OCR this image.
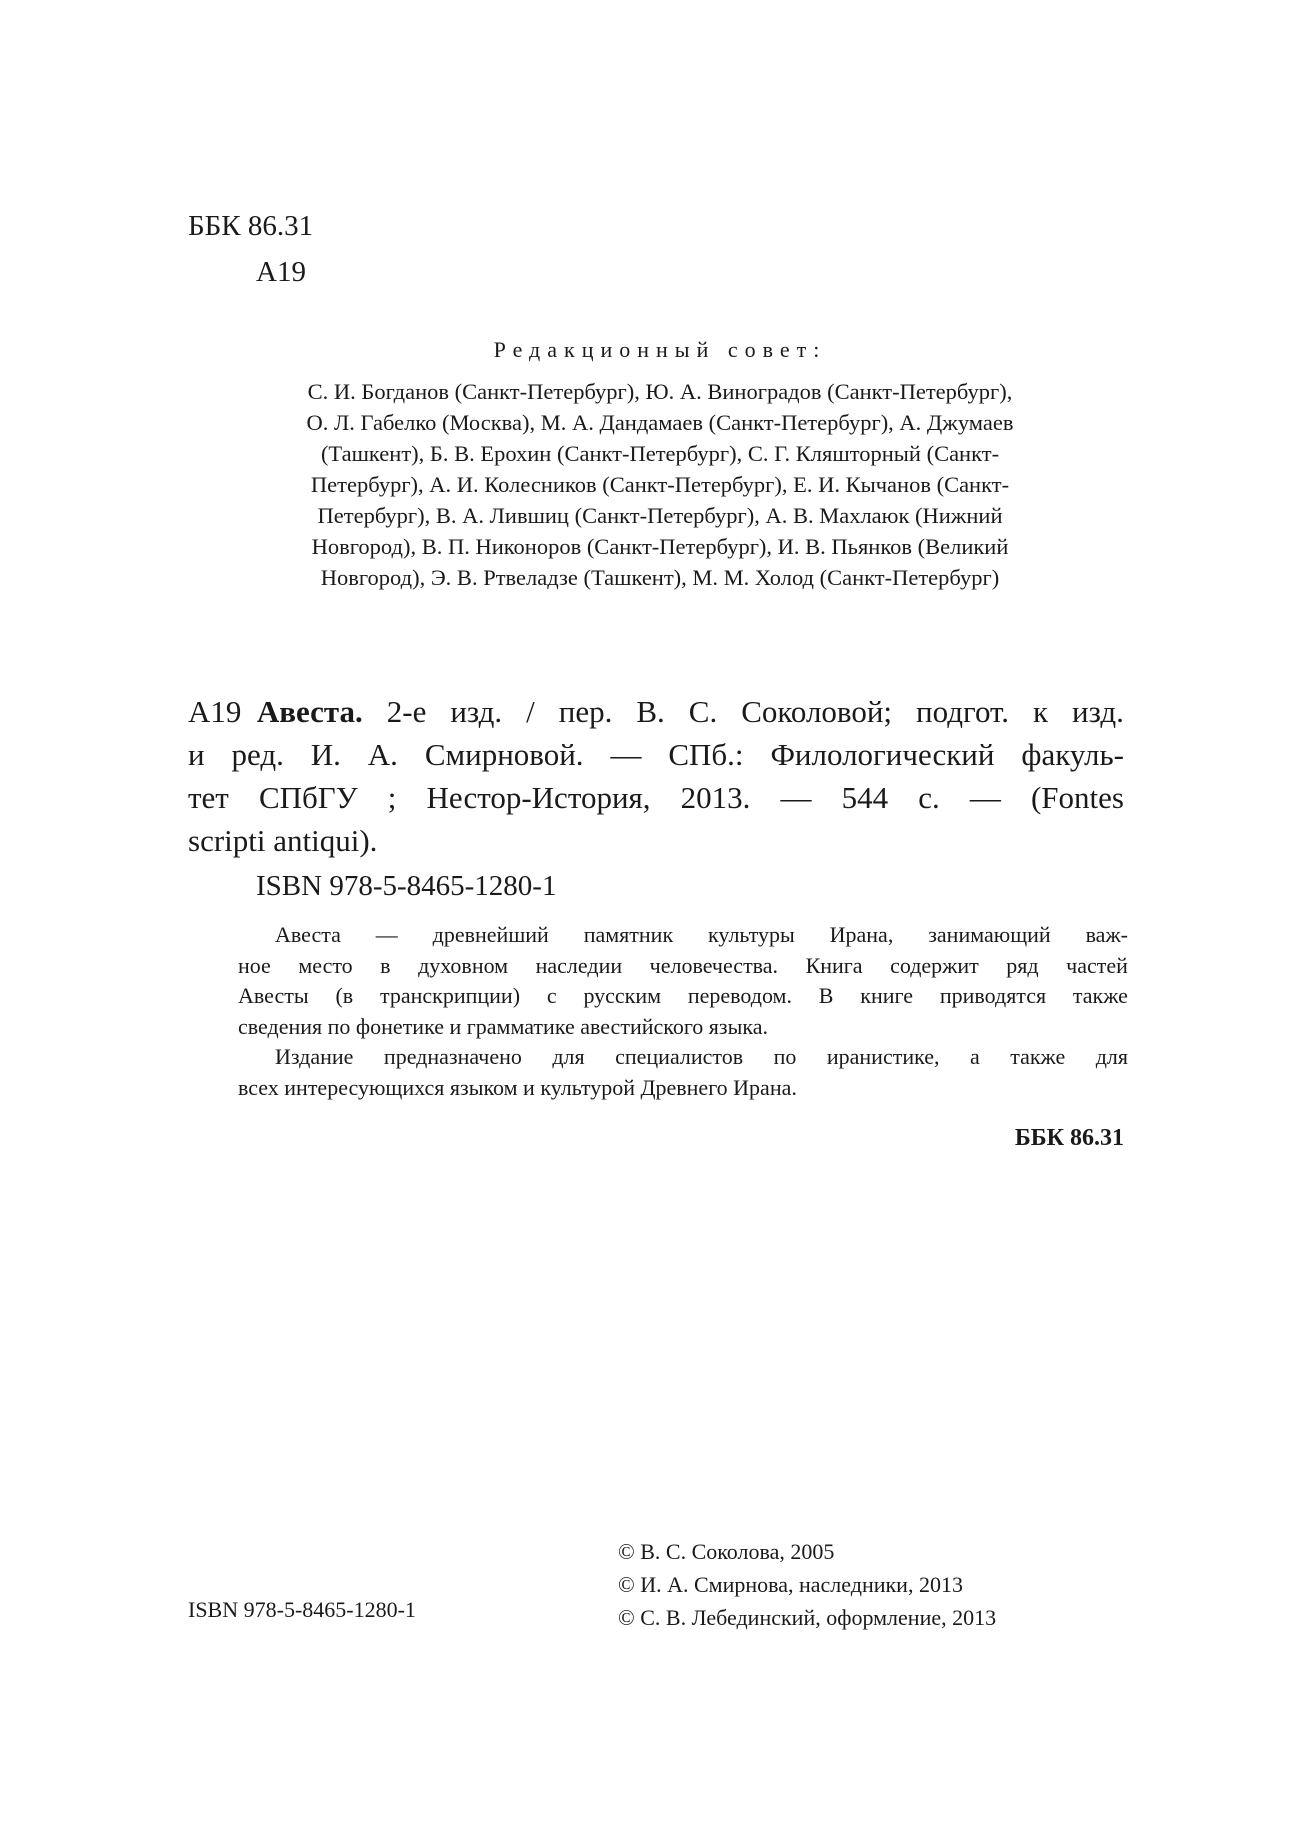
ББК 86.31
А19
Редакционный совет:
С. И. Богданов (Санкт-Петербург), Ю. А. Виноградов (Санкт-Петербург),
О. Л. Габелко (Москва), М. А. Дандамаев (Санкт-Петербург), А. Джумаев
(Ташкент), Б. В. Ерохин (Санкт-Петербург), С. Г. Кляшторный (Санкт-
Петербург), А. И. Колесников (Санкт-Петербург), Е. И. Кычанов (Санкт-
Петербург), В. А. Лившиц (Санкт-Петербург), А. В. Махлаюк (Нижний
Новгород), В. П. Никоноров (Санкт-Петербург), И. В. Пьянков (Великий
Новгород), Э. В. Ртвеладзе (Ташкент), М. М. Холод (Санкт-Петербург)
А19 Авеста. 2-е изд. / пер. В. С. Соколовой; подгот. к изд.
и ред. И. А. Смирновой. — СПб.: Филологический факуль-
тет СПбГУ ; Нестор-История, 2013. — 544 с. — (Fontes
scripti antiqui).
ISBN 978-5-8465-1280-1
Авеста — древнейший памятник культуры Ирана, занимающий важ-
ное место в духовном наследии человечества. Книга содержит ряд частей
Авесты (в транскрипции) с русским переводом. В книге приводятся также
сведения по фонетике и грамматике авестийского языка.
Издание предназначено для специалистов по иранистике, а также для
всех интересующихся языком и культурой Древнего Ирана.
ББК 86.31
ISBN 978-5-8465-1280-1
© В. С. Соколова, 2005
© И. А. Смирнова, наследники, 2013
© С. В. Лебединский, оформление, 2013
